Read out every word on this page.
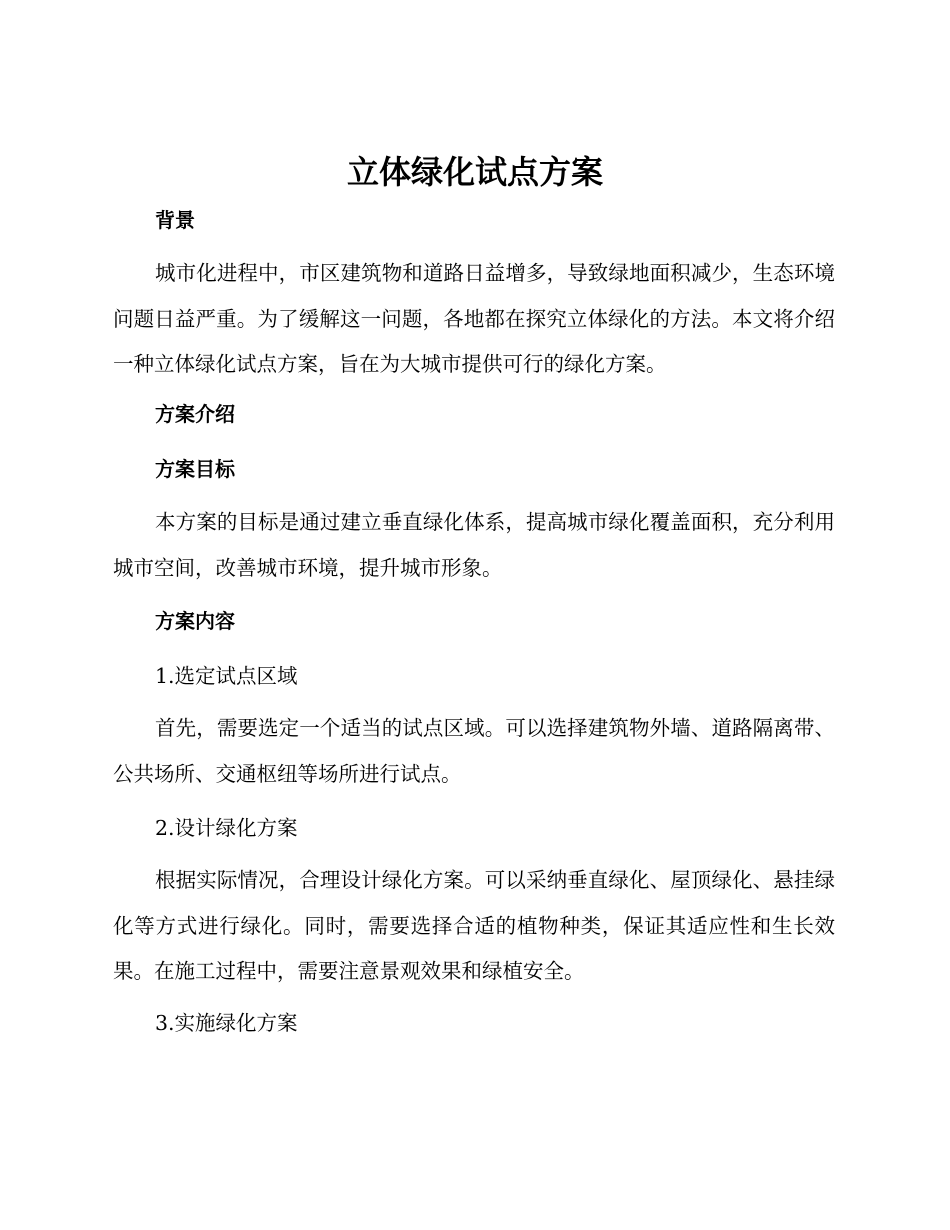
立体绿化试点方案
背景

城市化进程中，市区建筑物和道路日益增多，导致绿地面积减少，生态环境问题日益严重。为了缓解这一问题，各地都在探究立体绿化的方法。本文将介绍一种立体绿化试点方案，旨在为大城市提供可行的绿化方案。

方案介绍
方案目标

本方案的目标是通过建立垂直绿化体系，提高城市绿化覆盖面积，充分利用城市空间，改善城市环境，提升城市形象。

方案内容
1.选定试点区域

首先，需要选定一个适当的试点区域。可以选择建筑物外墙、道路隔离带、公共场所、交通枢纽等场所进行试点。

2.设计绿化方案

根据实际情况，合理设计绿化方案。可以采纳垂直绿化、屋顶绿化、悬挂绿化等方式进行绿化。同时，需要选择合适的植物种类，保证其适应性和生长效果。在施工过程中，需要注意景观效果和绿植安全。

3.实施绿化方案
